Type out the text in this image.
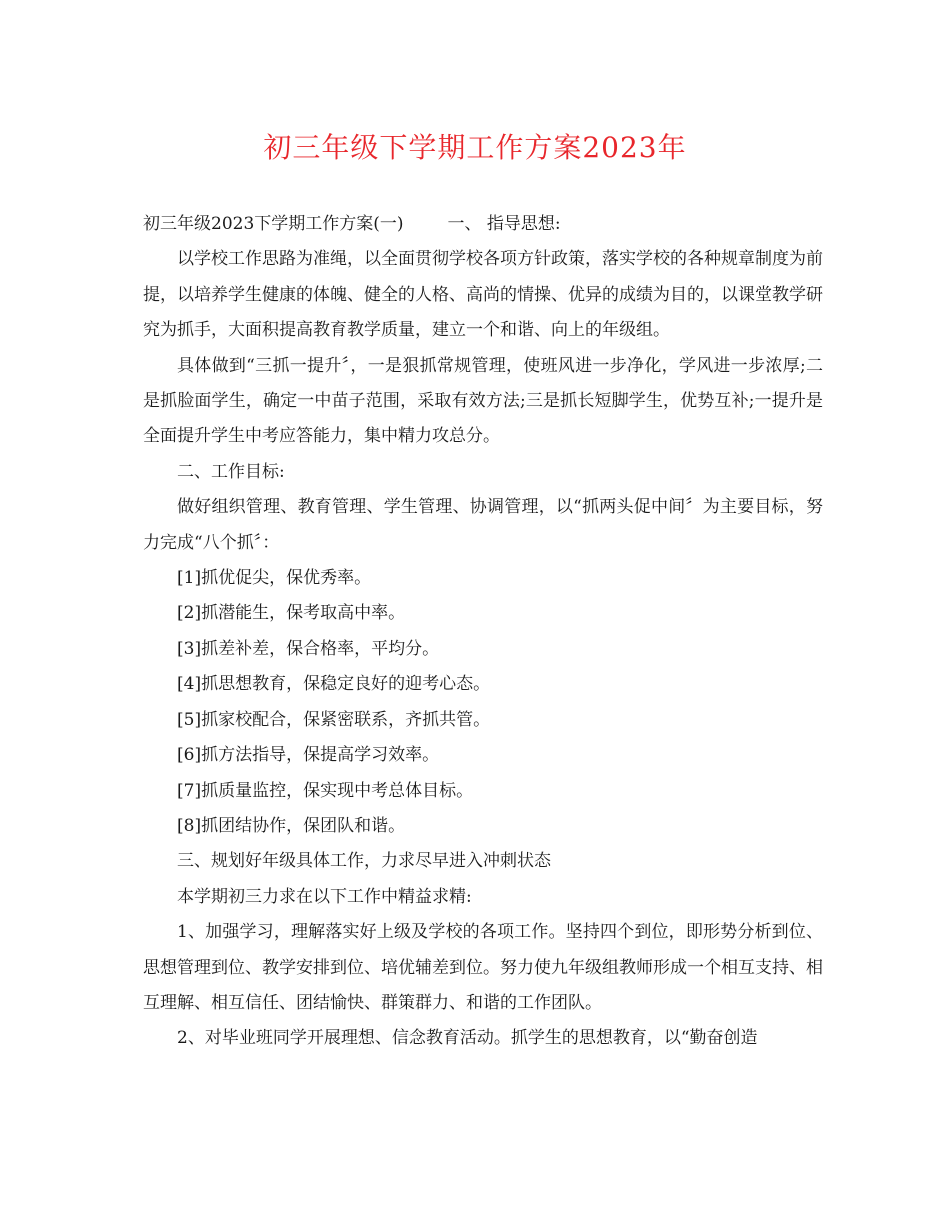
初三年级下学期工作方案2023年

初三年级2023下学期工作方案(一)	一、 指导思想:

以学校工作思路为准绳，以全面贯彻学校各项方针政策，落实学校的各种规章制度为前提，以培养学生健康的体魄、健全的人格、高尚的情操、优异的成绩为目的，以课堂教学研究为抓手，大面积提高教育教学质量，建立一个和谐、向上的年级组。

具体做到“三抓一提升〞，一是狠抓常规管理，使班风进一步净化，学风进一步浓厚;二是抓脸面学生，确定一中苗子范围，采取有效方法;三是抓长短脚学生，优势互补;一提升是全面提升学生中考应答能力，集中精力攻总分。

二、工作目标:

做好组织管理、教育管理、学生管理、协调管理，以“抓两头促中间〞为主要目标，努力完成“八个抓〞：

[1]抓优促尖，保优秀率。

[2]抓潜能生，保考取高中率。

[3]抓差补差，保合格率，平均分。

[4]抓思想教育，保稳定良好的迎考心态。

[5]抓家校配合，保紧密联系，齐抓共管。

[6]抓方法指导，保提高学习效率。

[7]抓质量监控，保实现中考总体目标。

[8]抓团结协作，保团队和谐。

三、规划好年级具体工作，力求尽早进入冲刺状态

本学期初三力求在以下工作中精益求精:

1、加强学习，理解落实好上级及学校的各项工作。坚持四个到位，即形势分析到位、思想管理到位、教学安排到位、培优辅差到位。努力使九年级组教师形成一个相互支持、相互理解、相互信任、团结愉快、群策群力、和谐的工作团队。

2、对毕业班同学开展理想、信念教育活动。抓学生的思想教育，以“勤奋创造
